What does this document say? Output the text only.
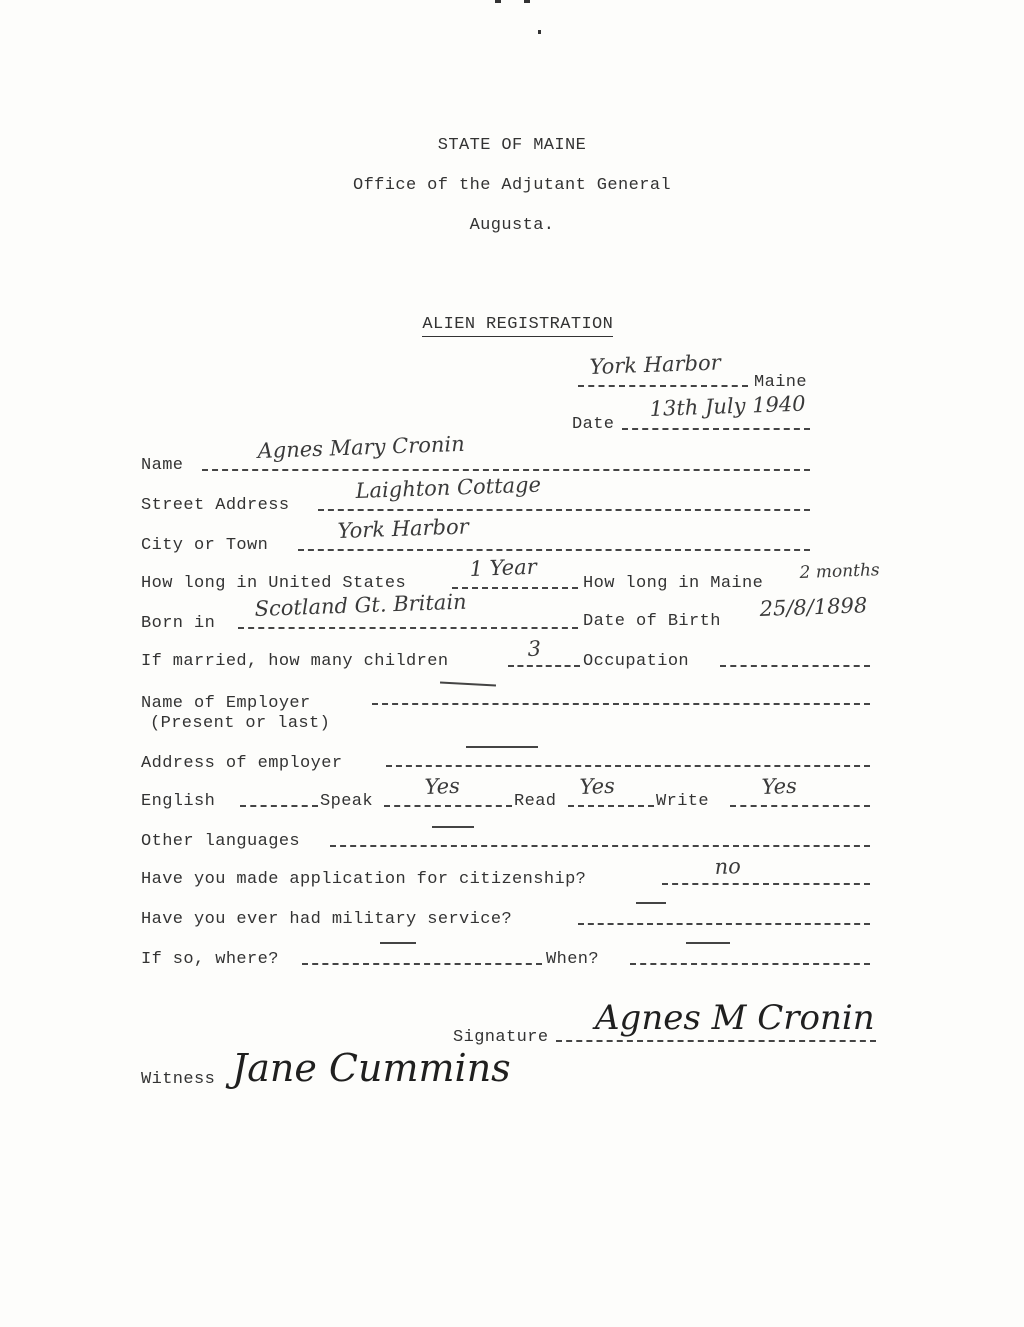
STATE OF MAINE
Office of the Adjutant General
Augusta.

ALIEN REGISTRATION

York Harbor
Maine
Date
13th July 1940
Name
Agnes Mary Cronin
Street Address
Laighton Cottage
City or Town
York Harbor
How long in United States
1 Year
How long in Maine
2 months
Born in
Scotland Gt. Britain
Date of Birth
25/8/1898
If married, how many children
3
Occupation
Name of Employer
(Present or last)
Address of employer
English	Speak
Yes
Read
Yes
Write
Yes
Other languages
Have you made application for citizenship?
no
Have you ever had military service?
If so, where?	When?
Signature Agnes M Cronin
Witness Jane Cummins
